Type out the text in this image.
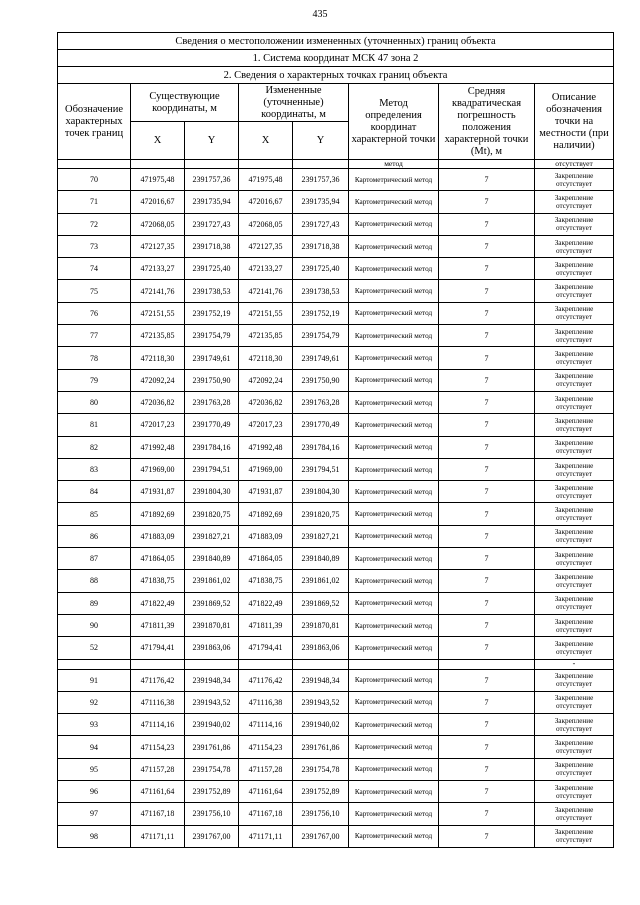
435
Сведения о местоположении измененных (уточненных) границ объекта							
1. Система координат МСК 47 зона 2							
2. Сведения о характерных точках границ объекта							
Обозначение характерных точек границ	Существующие координаты, м		Измененные (уточненные) координаты, м		Метод определения координат характерной точки	Средняя квадратическая погрешность положения характерной точки (Mt), м	Описание обозначения точки на местности (при наличии)
	X	Y	X	Y			
					метод		отсутствует
70	471975,48	2391757,36	471975,48	2391757,36	Картометрический метод	7	Закрепление отсутствует
71	472016,67	2391735,94	472016,67	2391735,94	Картометрический метод	7	Закрепление отсутствует
72	472068,05	2391727,43	472068,05	2391727,43	Картометрический метод	7	Закрепление отсутствует
73	472127,35	2391718,38	472127,35	2391718,38	Картометрический метод	7	Закрепление отсутствует
74	472133,27	2391725,40	472133,27	2391725,40	Картометрический метод	7	Закрепление отсутствует
75	472141,76	2391738,53	472141,76	2391738,53	Картометрический метод	7	Закрепление отсутствует
76	472151,55	2391752,19	472151,55	2391752,19	Картометрический метод	7	Закрепление отсутствует
77	472135,85	2391754,79	472135,85	2391754,79	Картометрический метод	7	Закрепление отсутствует
78	472118,30	2391749,61	472118,30	2391749,61	Картометрический метод	7	Закрепление отсутствует
79	472092,24	2391750,90	472092,24	2391750,90	Картометрический метод	7	Закрепление отсутствует
80	472036,82	2391763,28	472036,82	2391763,28	Картометрический метод	7	Закрепление отсутствует
81	472017,23	2391770,49	472017,23	2391770,49	Картометрический метод	7	Закрепление отсутствует
82	471992,48	2391784,16	471992,48	2391784,16	Картометрический метод	7	Закрепление отсутствует
83	471969,00	2391794,51	471969,00	2391794,51	Картометрический метод	7	Закрепление отсутствует
84	471931,87	2391804,30	471931,87	2391804,30	Картометрический метод	7	Закрепление отсутствует
85	471892,69	2391820,75	471892,69	2391820,75	Картометрический метод	7	Закрепление отсутствует
86	471883,09	2391827,21	471883,09	2391827,21	Картометрический метод	7	Закрепление отсутствует
87	471864,05	2391840,89	471864,05	2391840,89	Картометрический метод	7	Закрепление отсутствует
88	471838,75	2391861,02	471838,75	2391861,02	Картометрический метод	7	Закрепление отсутствует
89	471822,49	2391869,52	471822,49	2391869,52	Картометрический метод	7	Закрепление отсутствует
90	471811,39	2391870,81	471811,39	2391870,81	Картометрический метод	7	Закрепление отсутствует
52	471794,41	2391863,06	471794,41	2391863,06	Картометрический метод	7	Закрепление отсутствует
							-
91	471176,42	2391948,34	471176,42	2391948,34	Картометрический метод	7	Закрепление отсутствует
92	471116,38	2391943,52	471116,38	2391943,52	Картометрический метод	7	Закрепление отсутствует
93	471114,16	2391940,02	471114,16	2391940,02	Картометрический метод	7	Закрепление отсутствует
94	471154,23	2391761,86	471154,23	2391761,86	Картометрический метод	7	Закрепление отсутствует
95	471157,28	2391754,78	471157,28	2391754,78	Картометрический метод	7	Закрепление отсутствует
96	471161,64	2391752,89	471161,64	2391752,89	Картометрический метод	7	Закрепление отсутствует
97	471167,18	2391756,10	471167,18	2391756,10	Картометрический метод	7	Закрепление отсутствует
98	471171,11	2391767,00	471171,11	2391767,00	Картометрический метод	7	Закрепление отсутствует
